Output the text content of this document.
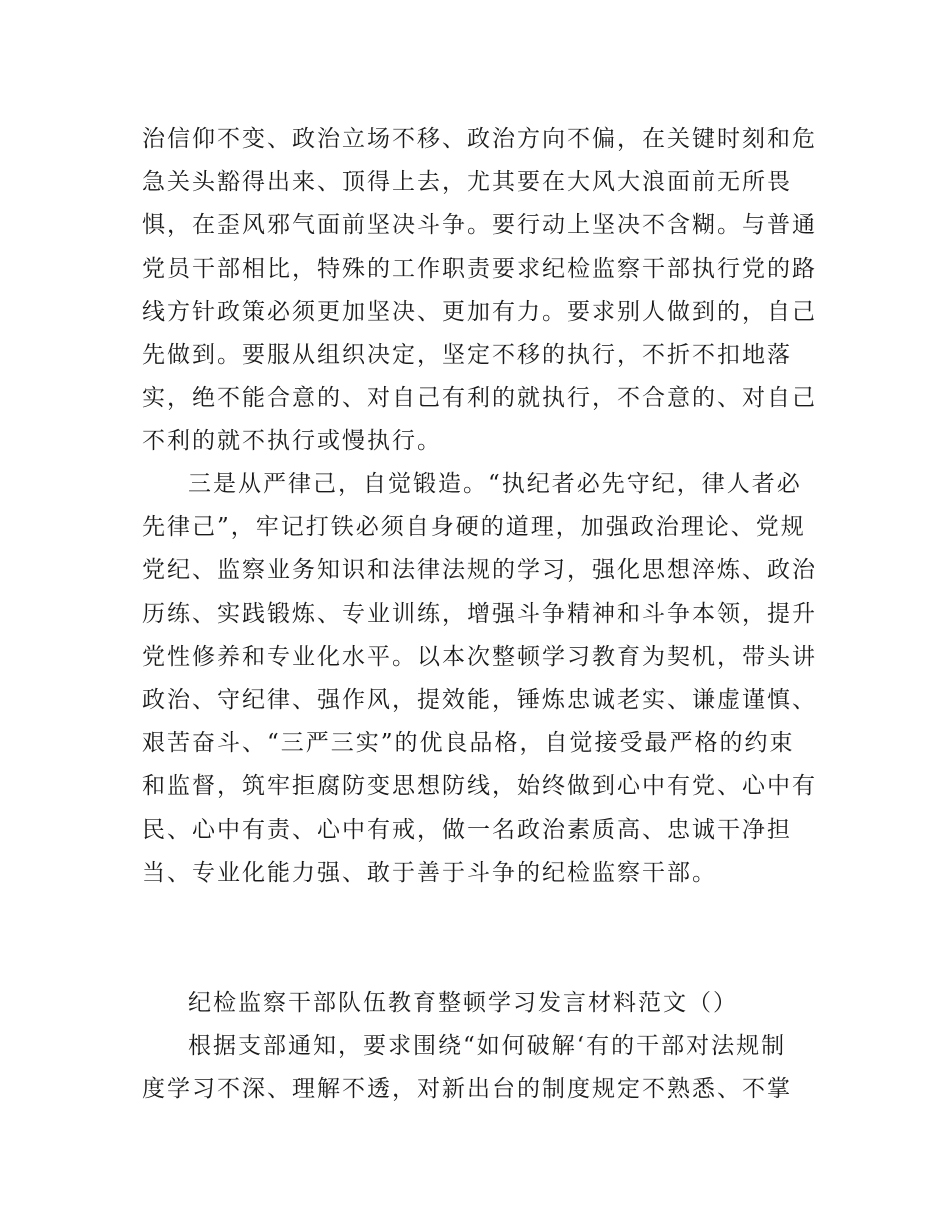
治信仰不变、政治立场不移、政治方向不偏，在关键时刻和危
急关头豁得出来、顶得上去，尤其要在大风大浪面前无所畏
惧，在歪风邪气面前坚决斗争。要行动上坚决不含糊。与普通
党员干部相比，特殊的工作职责要求纪检监察干部执行党的路
线方针政策必须更加坚决、更加有力。要求别人做到的，自己
先做到。要服从组织决定，坚定不移的执行，不折不扣地落
实，绝不能合意的、对自己有利的就执行，不合意的、对自己
不利的就不执行或慢执行。
三是从严律己，自觉锻造。“执纪者必先守纪，律人者必
先律己”，牢记打铁必须自身硬的道理，加强政治理论、党规
党纪、监察业务知识和法律法规的学习，强化思想淬炼、政治
历练、实践锻炼、专业训练，增强斗争精神和斗争本领，提升
党性修养和专业化水平。以本次整顿学习教育为契机，带头讲
政治、守纪律、强作风，提效能，锤炼忠诚老实、谦虚谨慎、
艰苦奋斗、“三严三实”的优良品格，自觉接受最严格的约束
和监督，筑牢拒腐防变思想防线，始终做到心中有党、心中有
民、心中有责、心中有戒，做一名政治素质高、忠诚干净担
当、专业化能力强、敢于善于斗争的纪检监察干部。
纪检监察干部队伍教育整顿学习发言材料范文（）
根据支部通知，要求围绕“如何破解‘有的干部对法规制
度学习不深、理解不透，对新出台的制度规定不熟悉、不掌
